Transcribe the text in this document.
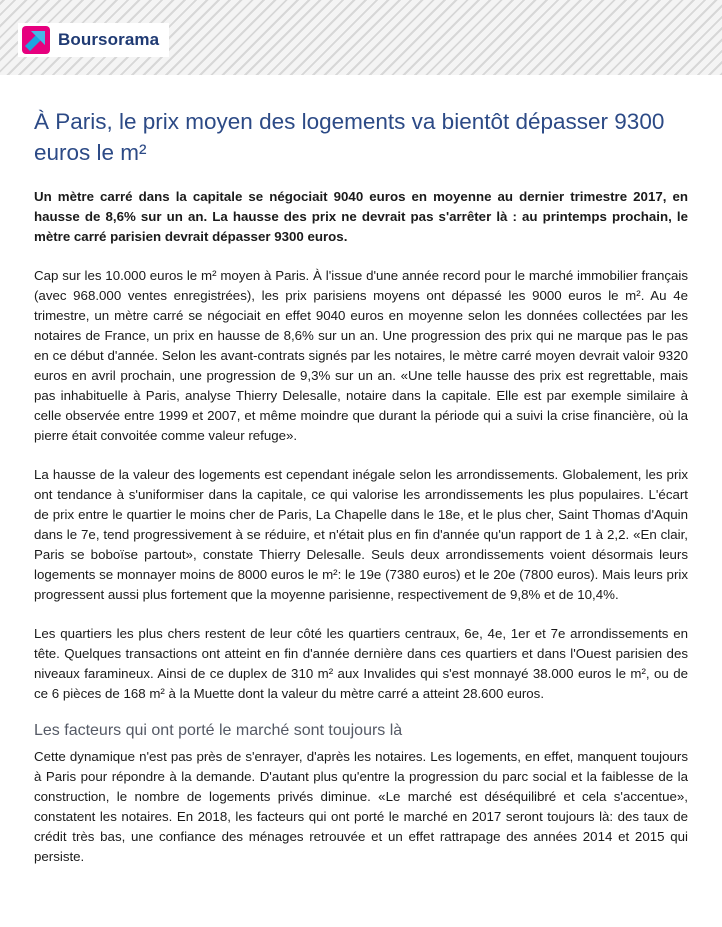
Boursorama
À Paris, le prix moyen des logements va bientôt dépasser 9300 euros le m²

Un mètre carré dans la capitale se négociait 9040 euros en moyenne au dernier trimestre 2017, en hausse de 8,6% sur un an. La hausse des prix ne devrait pas s'arrêter là : au printemps prochain, le mètre carré parisien devrait dépasser 9300 euros.

Cap sur les 10.000 euros le m² moyen à Paris. À l'issue d'une année record pour le marché immobilier français (avec 968.000 ventes enregistrées), les prix parisiens moyens ont dépassé les 9000 euros le m². Au 4e trimestre, un mètre carré se négociait en effet 9040 euros en moyenne selon les données collectées par les notaires de France, un prix en hausse de 8,6% sur un an. Une progression des prix qui ne marque pas le pas en ce début d'année. Selon les avant-contrats signés par les notaires, le mètre carré moyen devrait valoir 9320 euros en avril prochain, une progression de 9,3% sur un an. «Une telle hausse des prix est regrettable, mais pas inhabituelle à Paris, analyse Thierry Delesalle, notaire dans la capitale. Elle est par exemple similaire à celle observée entre 1999 et 2007, et même moindre que durant la période qui a suivi la crise financière, où la pierre était convoitée comme valeur refuge».

La hausse de la valeur des logements est cependant inégale selon les arrondissements. Globalement, les prix ont tendance à s'uniformiser dans la capitale, ce qui valorise les arrondissements les plus populaires. L'écart de prix entre le quartier le moins cher de Paris, La Chapelle dans le 18e, et le plus cher, Saint Thomas d'Aquin dans le 7e, tend progressivement à se réduire, et n'était plus en fin d'année qu'un rapport de 1 à 2,2. «En clair, Paris se boboïse partout», constate Thierry Delesalle. Seuls deux arrondissements voient désormais leurs logements se monnayer moins de 8000 euros le m²: le 19e (7380 euros) et le 20e (7800 euros). Mais leurs prix progressent aussi plus fortement que la moyenne parisienne, respectivement de 9,8% et de 10,4%.

Les quartiers les plus chers restent de leur côté les quartiers centraux, 6e, 4e, 1er et 7e arrondissements en tête. Quelques transactions ont atteint en fin d'année dernière dans ces quartiers et dans l'Ouest parisien des niveaux faramineux. Ainsi de ce duplex de 310 m² aux Invalides qui s'est monnayé 38.000 euros le m², ou de ce 6 pièces de 168 m² à la Muette dont la valeur du mètre carré a atteint 28.600 euros.

Les facteurs qui ont porté le marché sont toujours là

Cette dynamique n'est pas près de s'enrayer, d'après les notaires. Les logements, en effet, manquent toujours à Paris pour répondre à la demande. D'autant plus qu'entre la progression du parc social et la faiblesse de la construction, le nombre de logements privés diminue. «Le marché est déséquilibré et cela s'accentue», constatent les notaires. En 2018, les facteurs qui ont porté le marché en 2017 seront toujours là: des taux de crédit très bas, une confiance des ménages retrouvée et un effet rattrapage des années 2014 et 2015 qui persiste.
